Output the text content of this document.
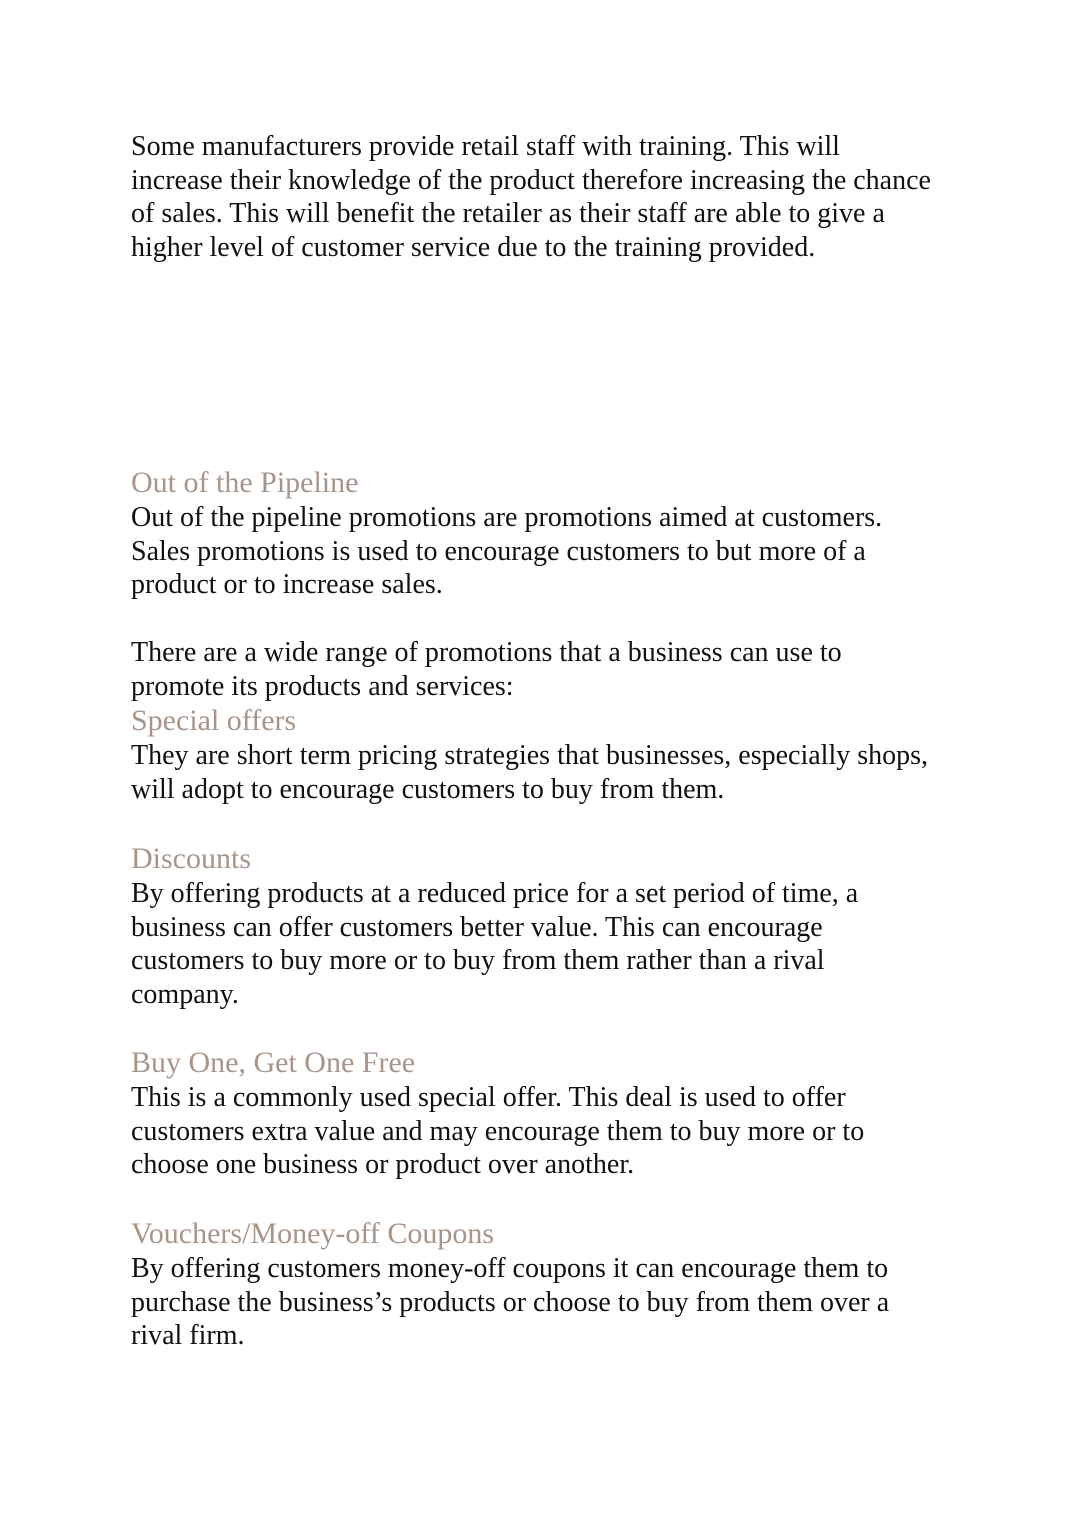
Some manufacturers provide retail staff with training. This will increase their knowledge of the product therefore increasing the chance of sales. This will benefit the retailer as their staff are able to give a higher level of customer service due to the training provided.

Out of the Pipeline

Out of the pipeline promotions are promotions aimed at customers. Sales promotions is used to encourage customers to but more of a product or to increase sales.

There are a wide range of promotions that a business can use to promote its products and services:

Special offers

They are short term pricing strategies that businesses, especially shops, will adopt to encourage customers to buy from them.

Discounts

By offering products at a reduced price for a set period of time, a business can offer customers better value. This can encourage customers to buy more or to buy from them rather than a rival company.

Buy One, Get One Free

This is a commonly used special offer. This deal is used to offer customers extra value and may encourage them to buy more or to choose one business or product over another.

Vouchers/Money-off Coupons

By offering customers money-off coupons it can encourage them to purchase the business’s products or choose to buy from them over a rival firm.
